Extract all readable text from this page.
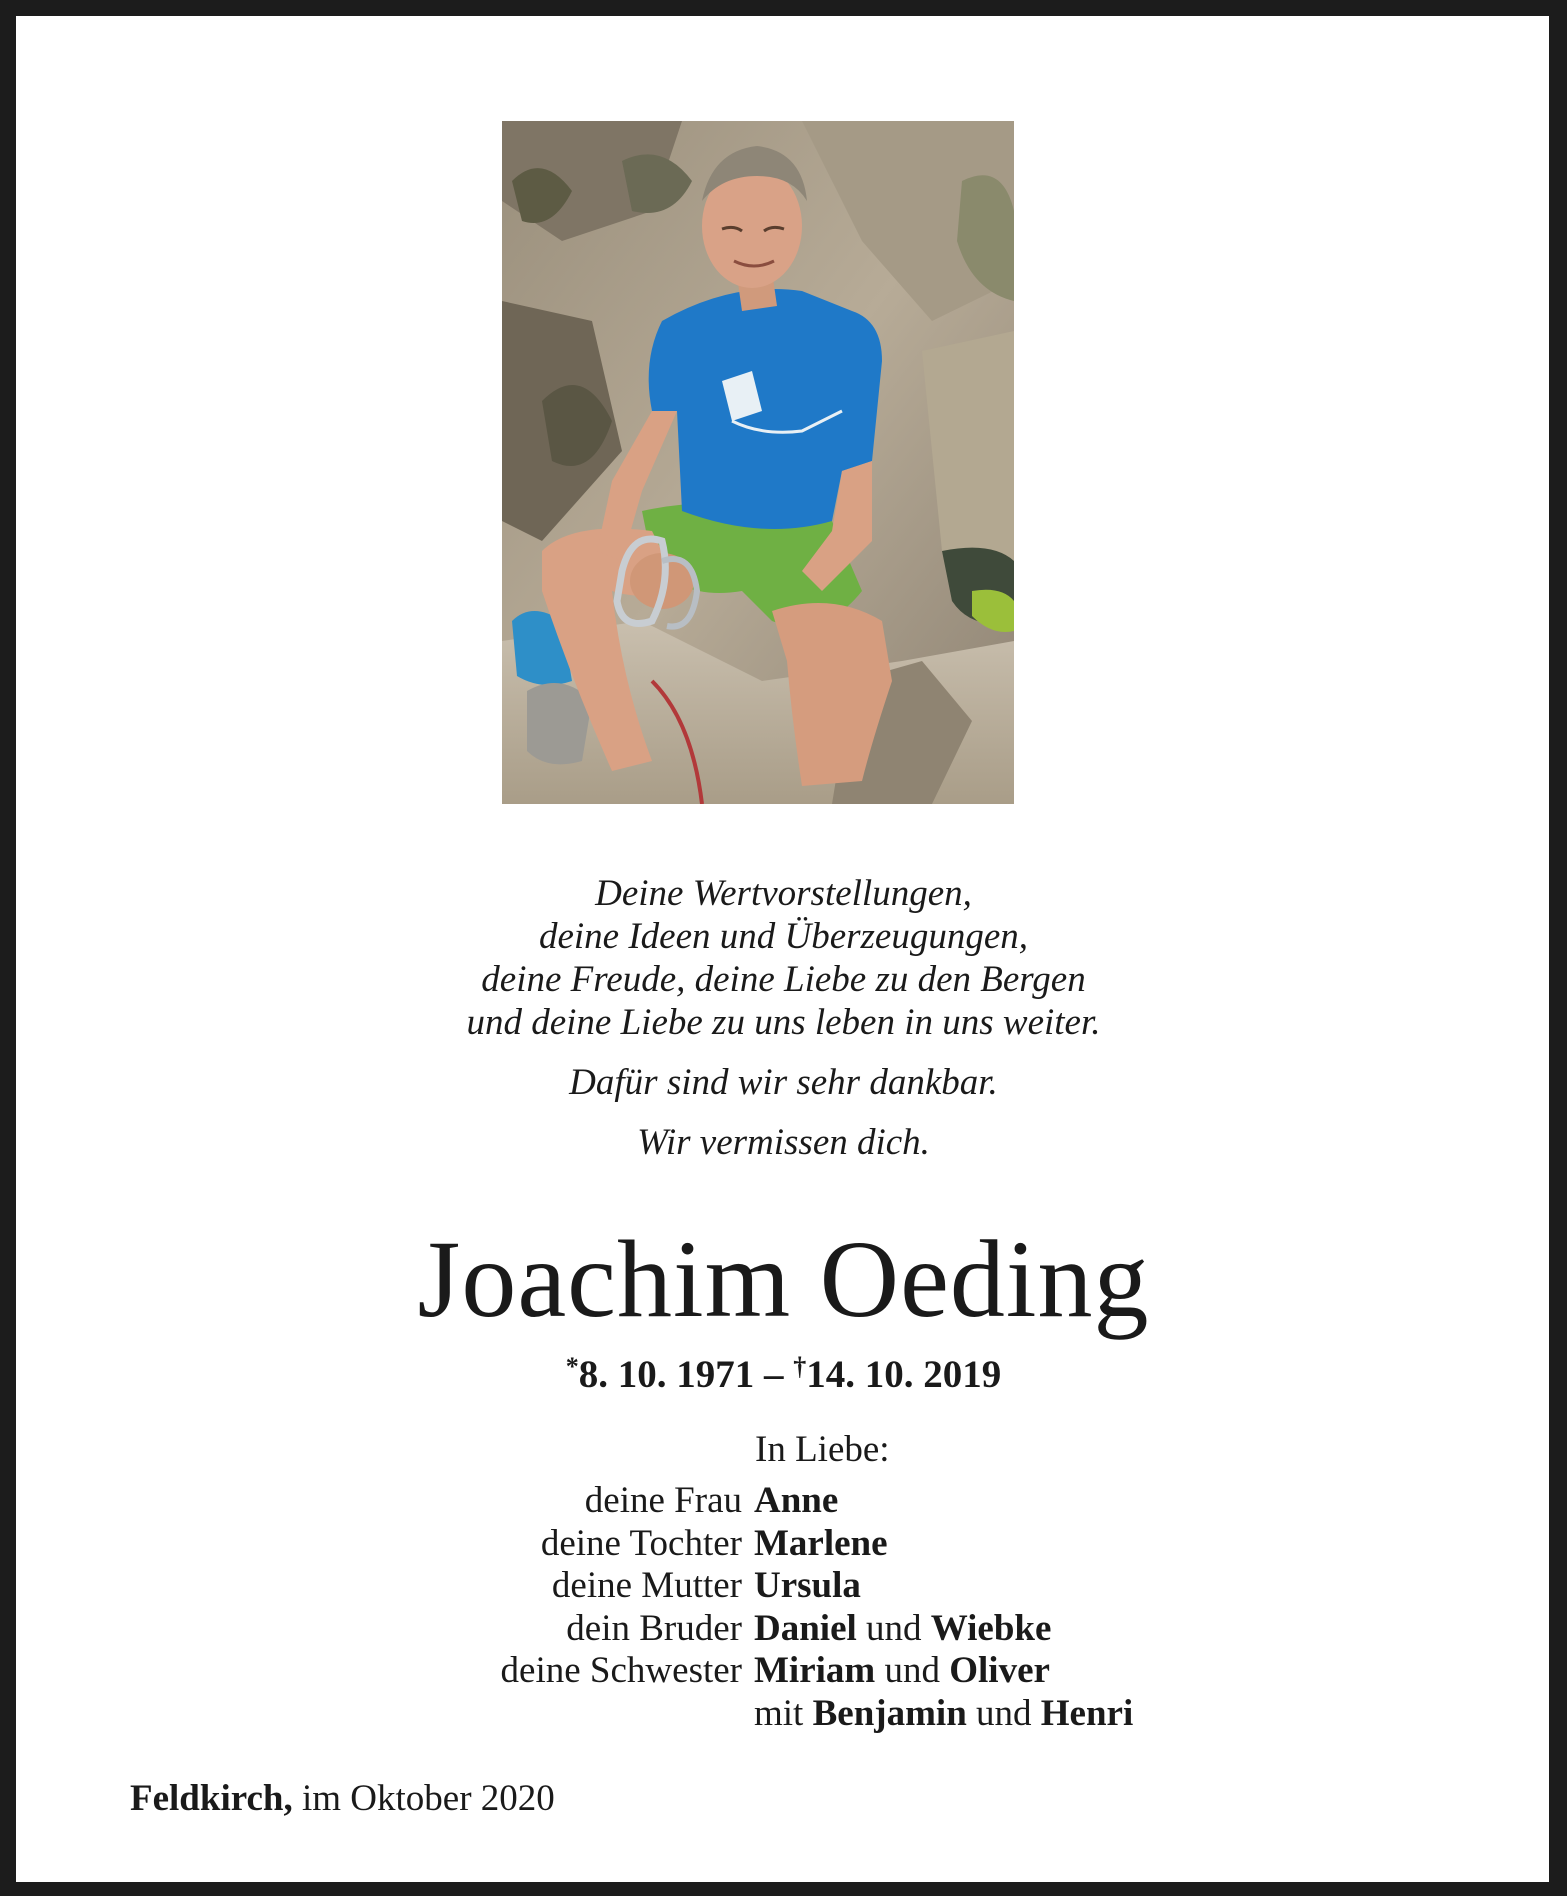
Deine Wertvorstellungen,

deine Ideen und Überzeugungen,

deine Freude, deine Liebe zu den Bergen

und deine Liebe zu uns leben in uns weiter.

Dafür sind wir sehr dankbar.

Wir vermissen dich.

Joachim Oeding
*8. 10. 1971 – †14. 10. 2019
In Liebe:
deine Frau Anne
deine Tochter Marlene
deine Mutter Ursula
dein Bruder Daniel und Wiebke
deine Schwester Miriam und Oliver
mit Benjamin und Henri
Feldkirch, im Oktober 2020
